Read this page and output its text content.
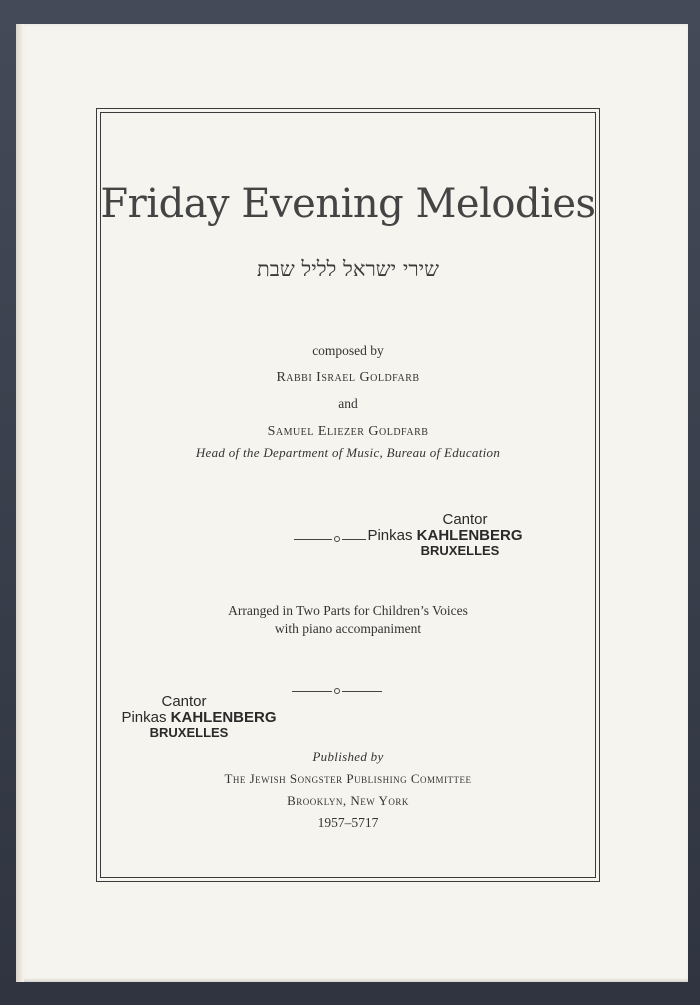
Friday Evening Melodies
שירי ישראל לליל שבת
composed by
Rabbi Israel Goldfarb
and
Samuel Eliezer Goldfarb
Head of the Department of Music, Bureau of Education
Arranged in Two Parts for Children’s Voices
with piano accompaniment
Published by
The Jewish Songster Publishing Committee
Brooklyn, New York
1957–5717
Cantor
Pinkas KAHLENBERG
BRUXELLES
Cantor
Pinkas KAHLENBERG
BRUXELLES
